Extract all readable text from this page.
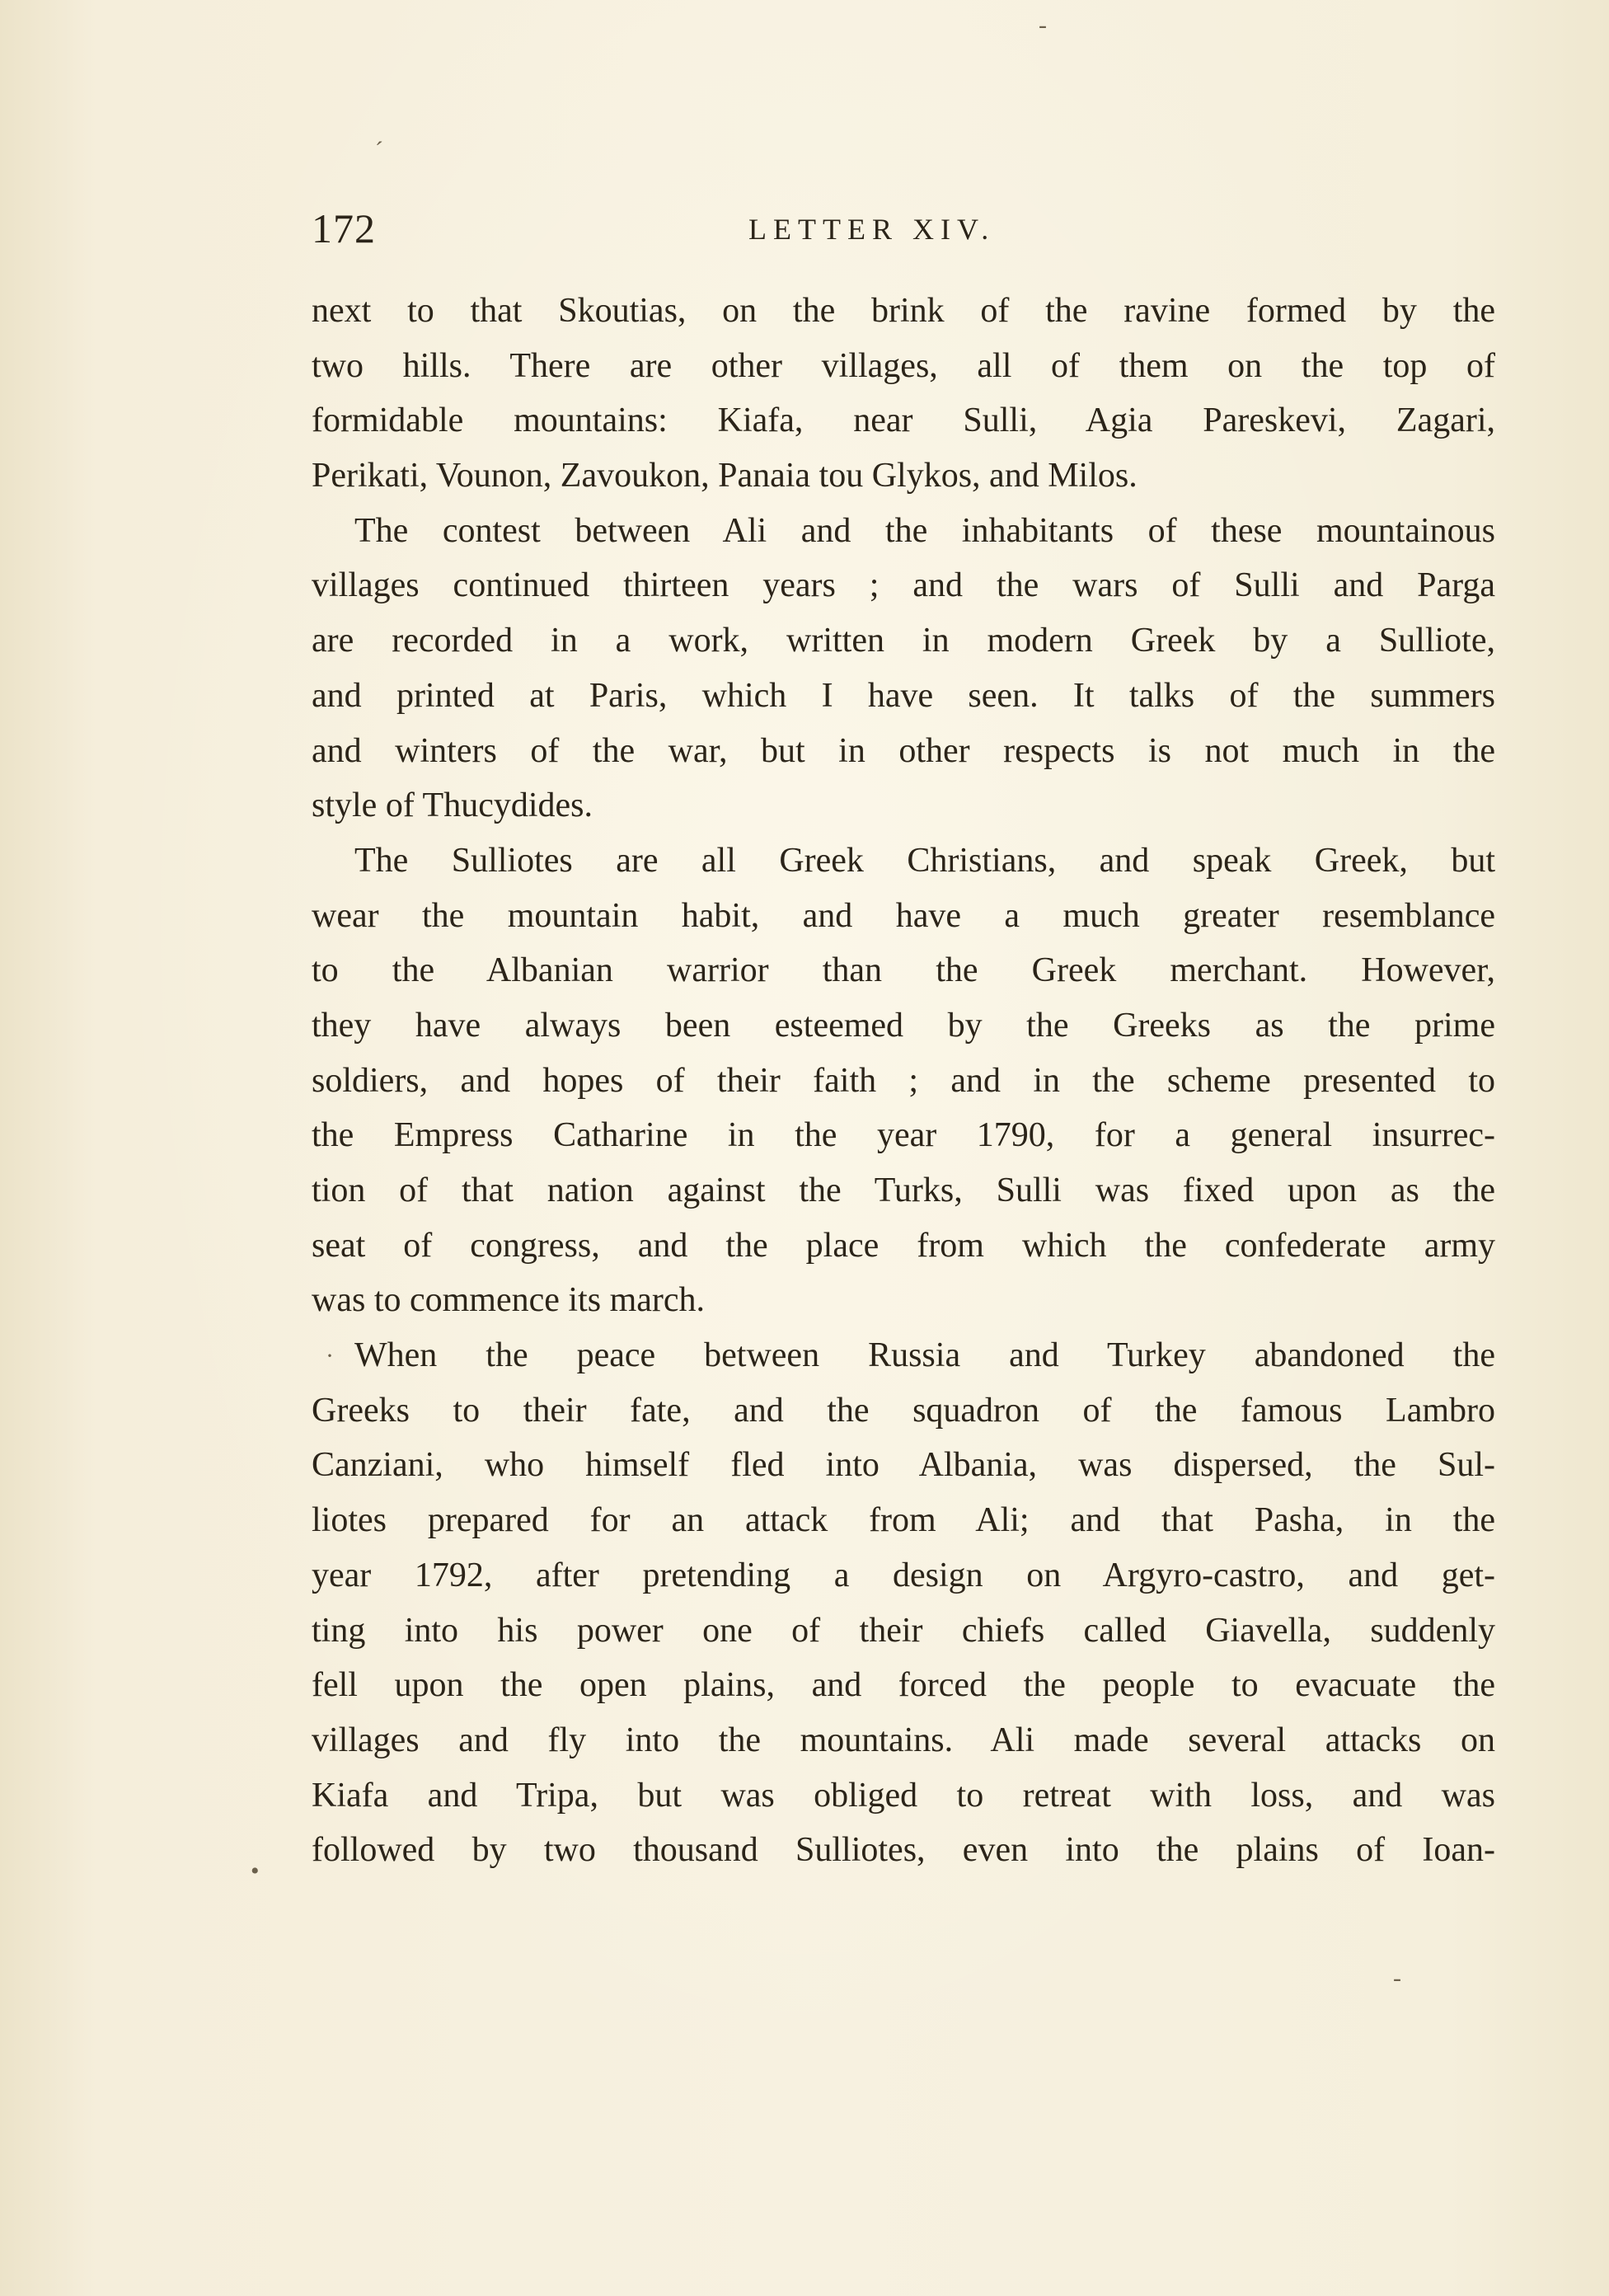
172	LETTER XIV.
next to that Skoutias, on the brink of the ravine formed by the
two hills. There are other villages, all of them on the top of
formidable mountains: Kiafa, near Sulli, Agia Pareskevi, Zagari,
Perikati, Vounon, Zavoukon, Panaia tou Glykos, and Milos.
The contest between Ali and the inhabitants of these mountainous
villages continued thirteen years ; and the wars of Sulli and Parga
are recorded in a work, written in modern Greek by a Sulliote,
and printed at Paris, which I have seen. It talks of the summers
and winters of the war, but in other respects is not much in the
style of Thucydides.
The Sulliotes are all Greek Christians, and speak Greek, but
wear the mountain habit, and have a much greater resemblance
to the Albanian warrior than the Greek merchant. However,
they have always been esteemed by the Greeks as the prime
soldiers, and hopes of their faith ; and in the scheme presented to
the Empress Catharine in the year 1790, for a general insurrec-
tion of that nation against the Turks, Sulli was fixed upon as the
seat of congress, and the place from which the confederate army
was to commence its march.
When the peace between Russia and Turkey abandoned the
Greeks to their fate, and the squadron of the famous Lambro
Canziani, who himself fled into Albania, was dispersed, the Sul-
liotes prepared for an attack from Ali; and that Pasha, in the
year 1792, after pretending a design on Argyro-castro, and get-
ting into his power one of their chiefs called Giavella, suddenly
fell upon the open plains, and forced the people to evacuate the
villages and fly into the mountains. Ali made several attacks on
Kiafa and Tripa, but was obliged to retreat with loss, and was
followed by two thousand Sulliotes, even into the plains of Ioan-
ˊ
-
·
•
-
